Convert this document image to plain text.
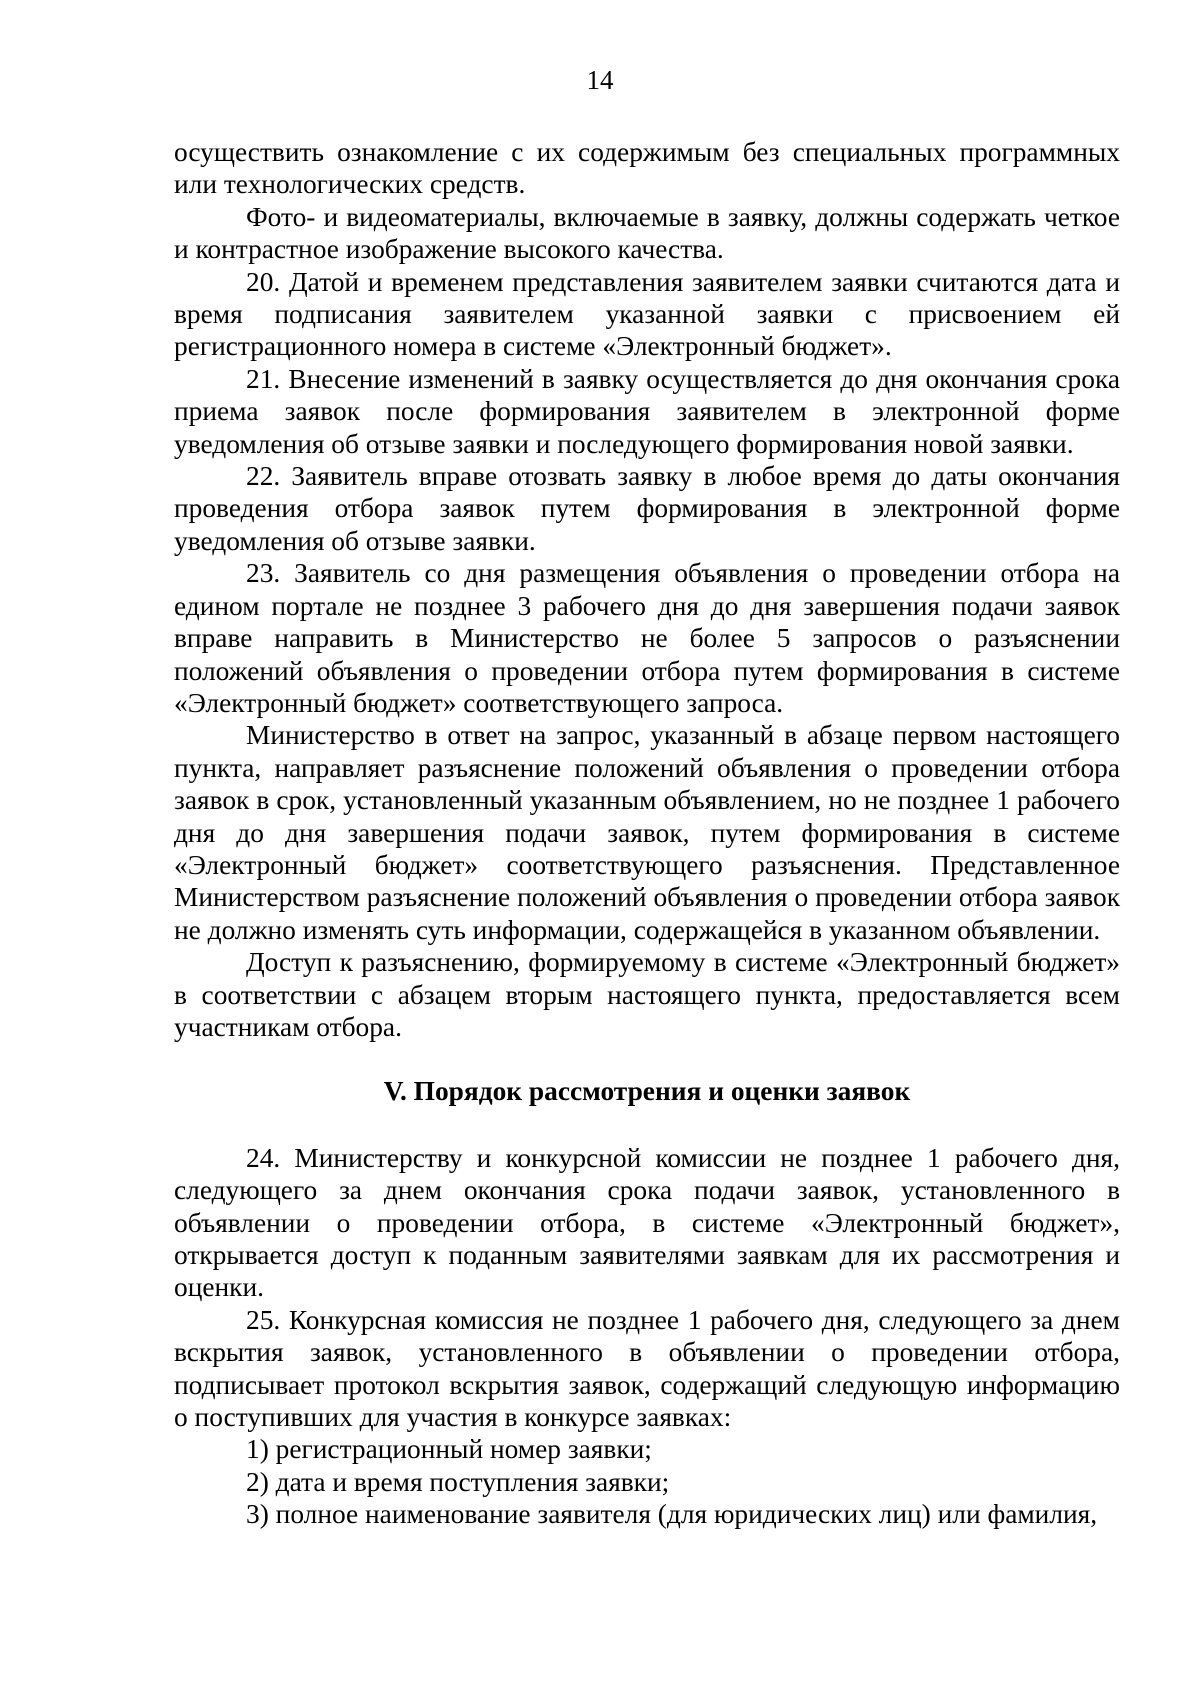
14

осуществить ознакомление с их содержимым без специальных программных или технологических средств.

Фото- и видеоматериалы, включаемые в заявку, должны содержать четкое и контрастное изображение высокого качества.

20. Датой и временем представления заявителем заявки считаются дата и время подписания заявителем указанной заявки с присвоением ей регистрационного номера в системе «Электронный бюджет».

21. Внесение изменений в заявку осуществляется до дня окончания срока приема заявок после формирования заявителем в электронной форме уведомления об отзыве заявки и последующего формирования новой заявки.

22. Заявитель вправе отозвать заявку в любое время до даты окончания проведения отбора заявок путем формирования в электронной форме уведомления об отзыве заявки.

23. Заявитель со дня размещения объявления о проведении отбора на едином портале не позднее 3 рабочего дня до дня завершения подачи заявок вправе направить в Министерство не более 5 запросов о разъяснении положений объявления о проведении отбора путем формирования в системе «Электронный бюджет» соответствующего запроса.

Министерство в ответ на запрос, указанный в абзаце первом настоящего пункта, направляет разъяснение положений объявления о проведении отбора заявок в срок, установленный указанным объявлением, но не позднее 1 рабочего дня до дня завершения подачи заявок, путем формирования в системе «Электронный бюджет» соответствующего разъяснения. Представленное Министерством разъяснение положений объявления о проведении отбора заявок не должно изменять суть информации, содержащейся в указанном объявлении.

Доступ к разъяснению, формируемому в системе «Электронный бюджет» в соответствии с абзацем вторым настоящего пункта, предоставляется всем участникам отбора.

V. Порядок рассмотрения и оценки заявок

24. Министерству и конкурсной комиссии не позднее 1 рабочего дня, следующего за днем окончания срока подачи заявок, установленного в объявлении о проведении отбора, в системе «Электронный бюджет», открывается доступ к поданным заявителями заявкам для их рассмотрения и оценки.

25. Конкурсная комиссия не позднее 1 рабочего дня, следующего за днем вскрытия заявок, установленного в объявлении о проведении отбора, подписывает протокол вскрытия заявок, содержащий следующую информацию о поступивших для участия в конкурсе заявках:

1) регистрационный номер заявки;

2) дата и время поступления заявки;

3) полное наименование заявителя (для юридических лиц) или фамилия,
